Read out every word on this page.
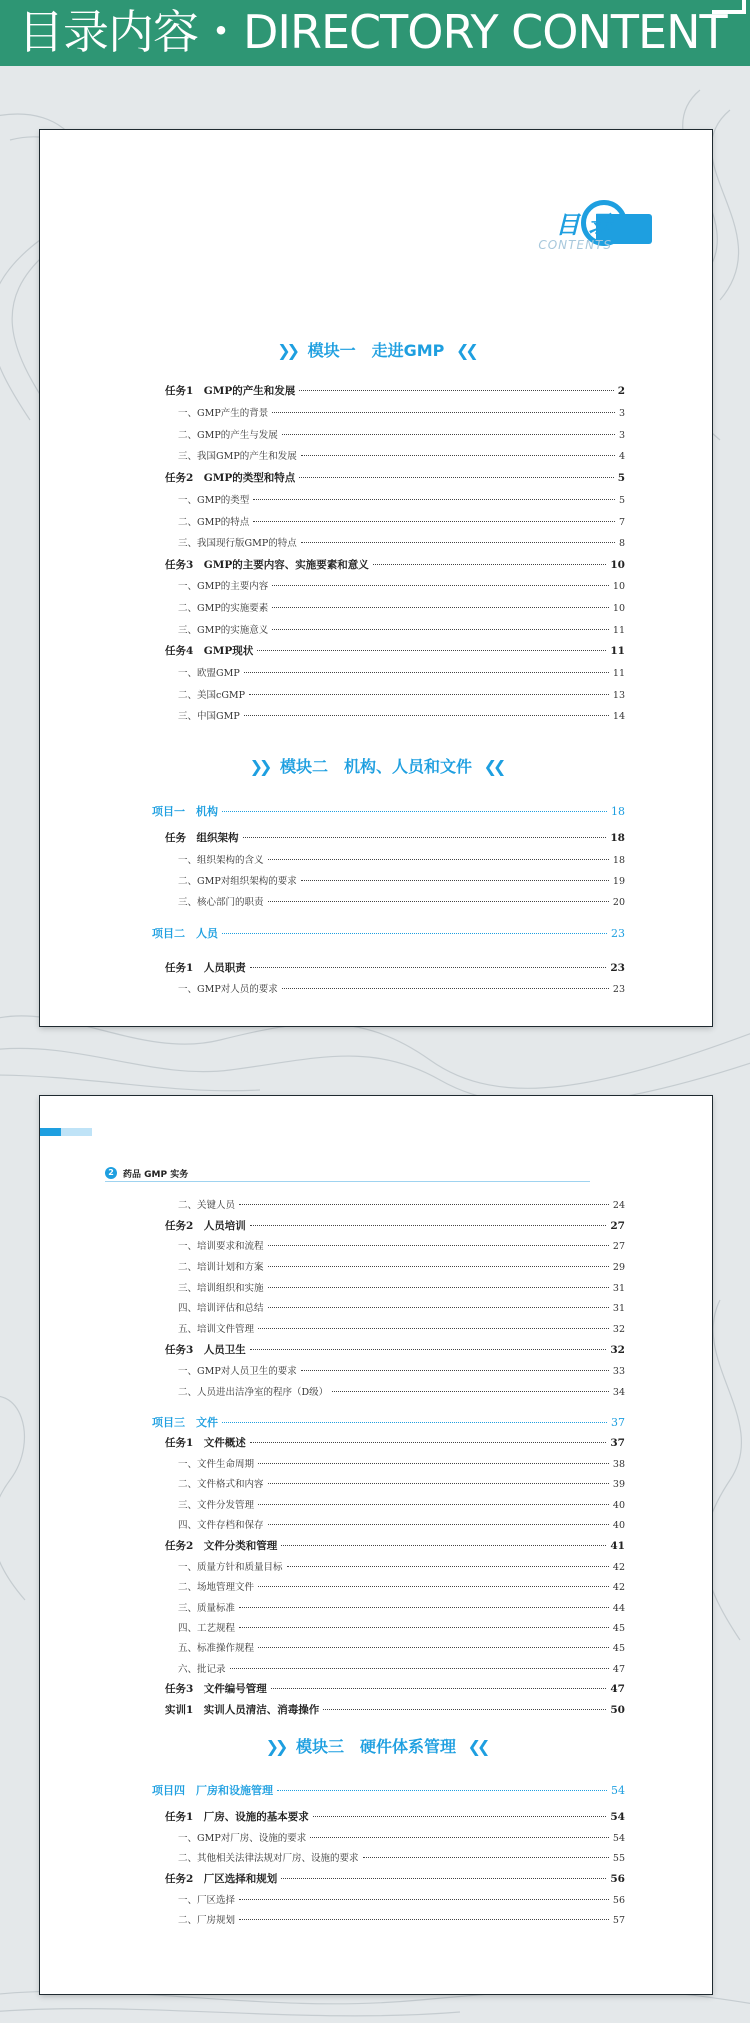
目录内容・DIRECTORY CONTENT
目 录
CONTENTS
❯❯ 模块一　走进GMP ❮❮
❯❯ 模块二　机构、人员和文件 ❮❮
任务1　GMP的产生和发展	2
一、GMP产生的背景	3
二、GMP的产生与发展	3
三、我国GMP的产生和发展	4
任务2　GMP的类型和特点	5
一、GMP的类型	5
二、GMP的特点	7
三、我国现行版GMP的特点	8
任务3　GMP的主要内容、实施要素和意义	10
一、GMP的主要内容	10
二、GMP的实施要素	10
三、GMP的实施意义	11
任务4　GMP现状	11
一、欧盟GMP	11
二、美国cGMP	13
三、中国GMP	14
项目一　机构	18
任务　组织架构	18
一、组织架构的含义	18
二、GMP对组织架构的要求	19
三、核心部门的职责	20
项目二　人员	23
任务1　人员职责	23
一、GMP对人员的要求	23
❯❯ 模块三　硬件体系管理 ❮❮
二、关键人员	24
任务2　人员培训	27
一、培训要求和流程	27
二、培训计划和方案	29
三、培训组织和实施	31
四、培训评估和总结	31
五、培训文件管理	32
任务3　人员卫生	32
一、GMP对人员卫生的要求	33
二、人员进出洁净室的程序（D级）	34
项目三　文件	37
任务1　文件概述	37
一、文件生命周期	38
二、文件格式和内容	39
三、文件分发管理	40
四、文件存档和保存	40
任务2　文件分类和管理	41
一、质量方针和质量目标	42
二、场地管理文件	42
三、质量标准	44
四、工艺规程	45
五、标准操作规程	45
六、批记录	47
任务3　文件编号管理	47
实训1　实训人员清洁、消毒操作	50
项目四　厂房和设施管理	54
任务1　厂房、设施的基本要求	54
一、GMP对厂房、设施的要求	54
二、其他相关法律法规对厂房、设施的要求	55
任务2　厂区选择和规划	56
一、厂区选择	56
二、厂房规划	57
2	药品 GMP 实务
